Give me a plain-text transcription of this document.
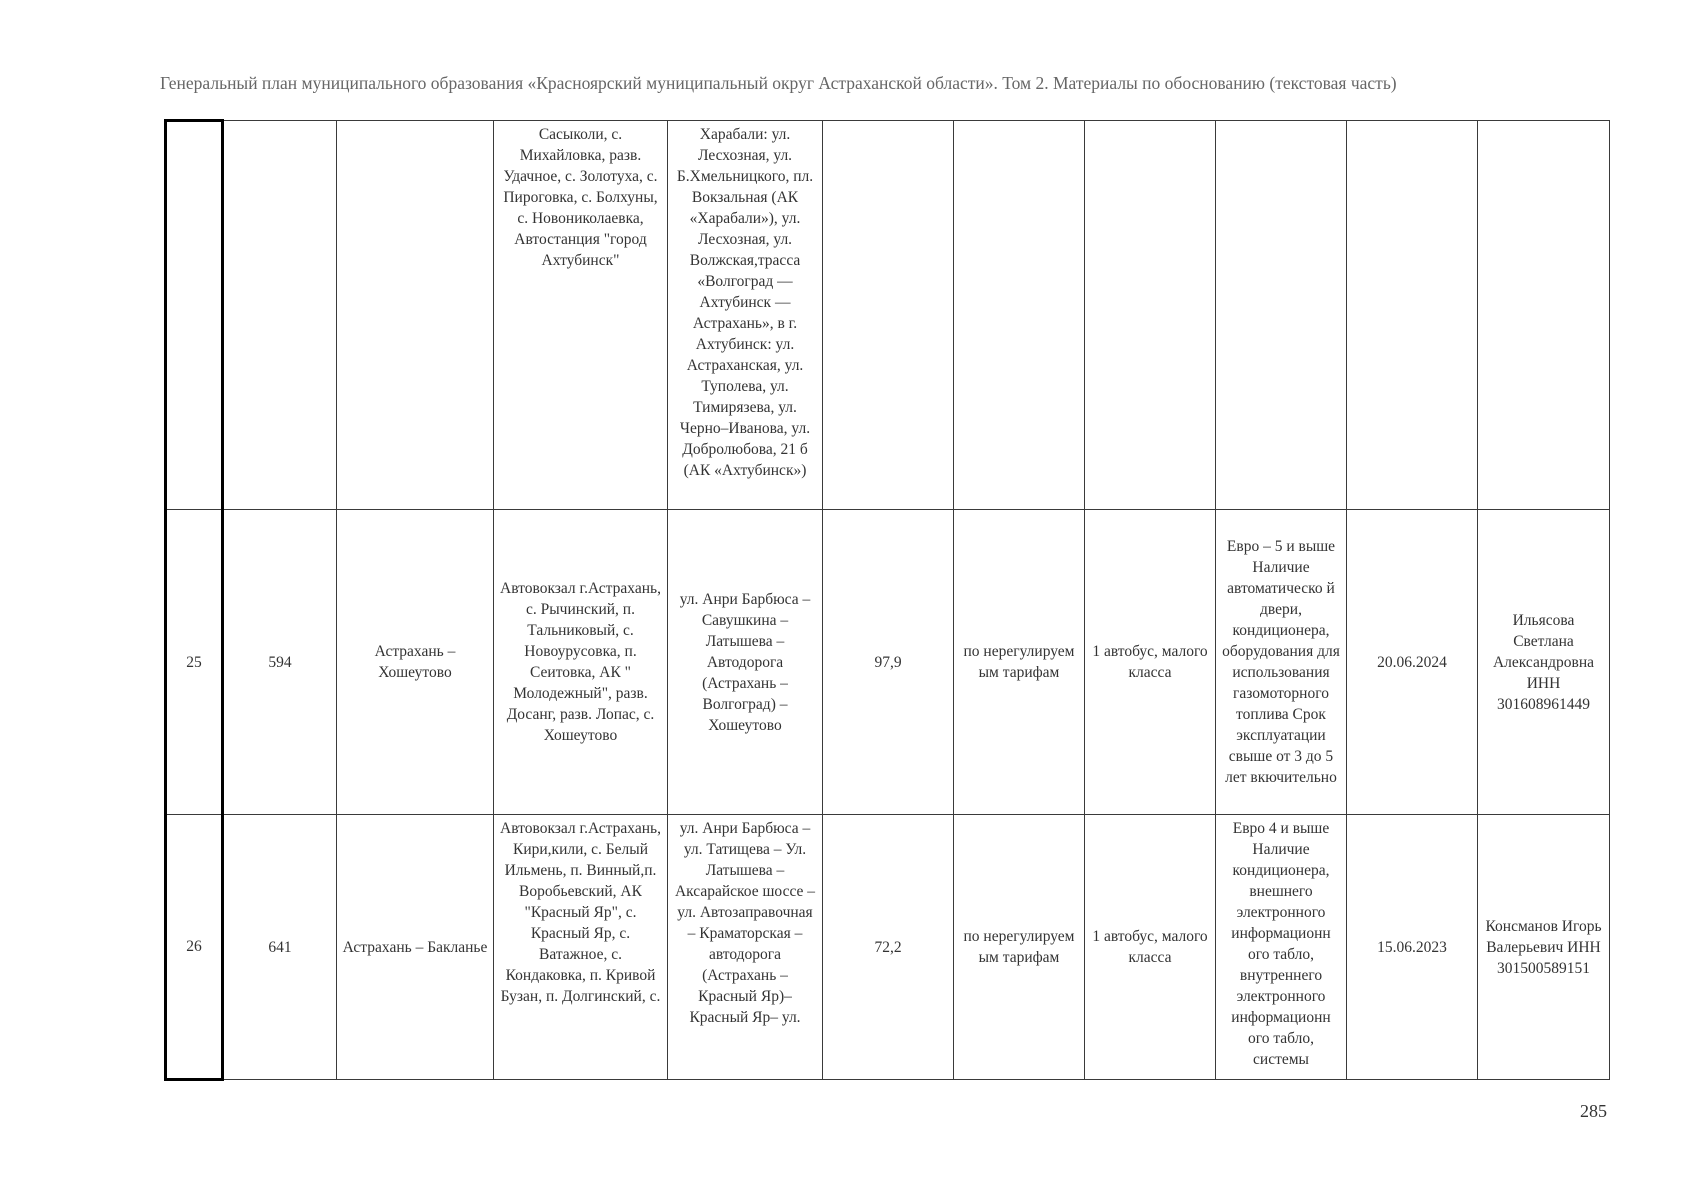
Генеральный план муниципального образования «Красноярский муниципальный округ Астраханской области». Том 2. Материалы по обоснованию (текстовая часть)
			Сасыколи, с. Михайловка, разв. Удачное, с. Золотуха, с. Пироговка, с. Болхуны, с. Новониколаевка, Автостанция "город Ахтубинск"	Харабали: ул. Лесхозная, ул. Б.Хмельницкого, пл. Вокзальная (АК «Харабали»), ул. Лесхозная, ул. Волжская,трасса «Волгоград — Ахтубинск — Астрахань», в г. Ахтубинск: ул. Астраханская, ул. Туполева, ул. Тимирязева, ул. Черно–Иванова, ул. Добролюбова, 21 б (АК «Ахтубинск»)						
25	594	Астрахань – Хошеутово	Автовокзал г.Астрахань, с. Рычинский, п. Тальниковый, с. Новоурусовка, п. Сеитовка, АК " Молодежный", разв. Досанг, разв. Лопас, с. Хошеутово	ул. Анри Барбюса – Савушкина – Латышева – Автодорога (Астрахань – Волгоград) – Хошеутово	97,9	по нерегулируем ым тарифам	1 автобус, малого класса	Евро – 5 и выше Наличие автоматическо й двери, кондиционера, оборудования для использования газомоторного топлива Срок эксплуатации свыше от 3 до 5 лет вкючительно	20.06.2024	Ильясова Светлана Александровна ИНН 301608961449
26	641	Астрахань – Бакланье	Автовокзал г.Астрахань, Кири,кили, с. Белый Ильмень, п. Винный,п. Воробьевский, АК "Красный Яр", с. Красный Яр, с. Ватажное, с. Кондаковка, п. Кривой Бузан, п. Долгинский, с.	ул. Анри Барбюса – ул. Татищева – Ул. Латышева – Аксарайское шоссе – ул. Автозаправочная – Краматорская – автодорога (Астрахань – Красный Яр)– Красный Яр– ул.	72,2	по нерегулируем ым тарифам	1 автобус, малого класса	Евро 4 и выше Наличие кондиционера, внешнего электронного информационн ого табло, внутреннего электронного информационн ого табло, системы	15.06.2023	Консманов Игорь Валерьевич ИНН 301500589151
285
